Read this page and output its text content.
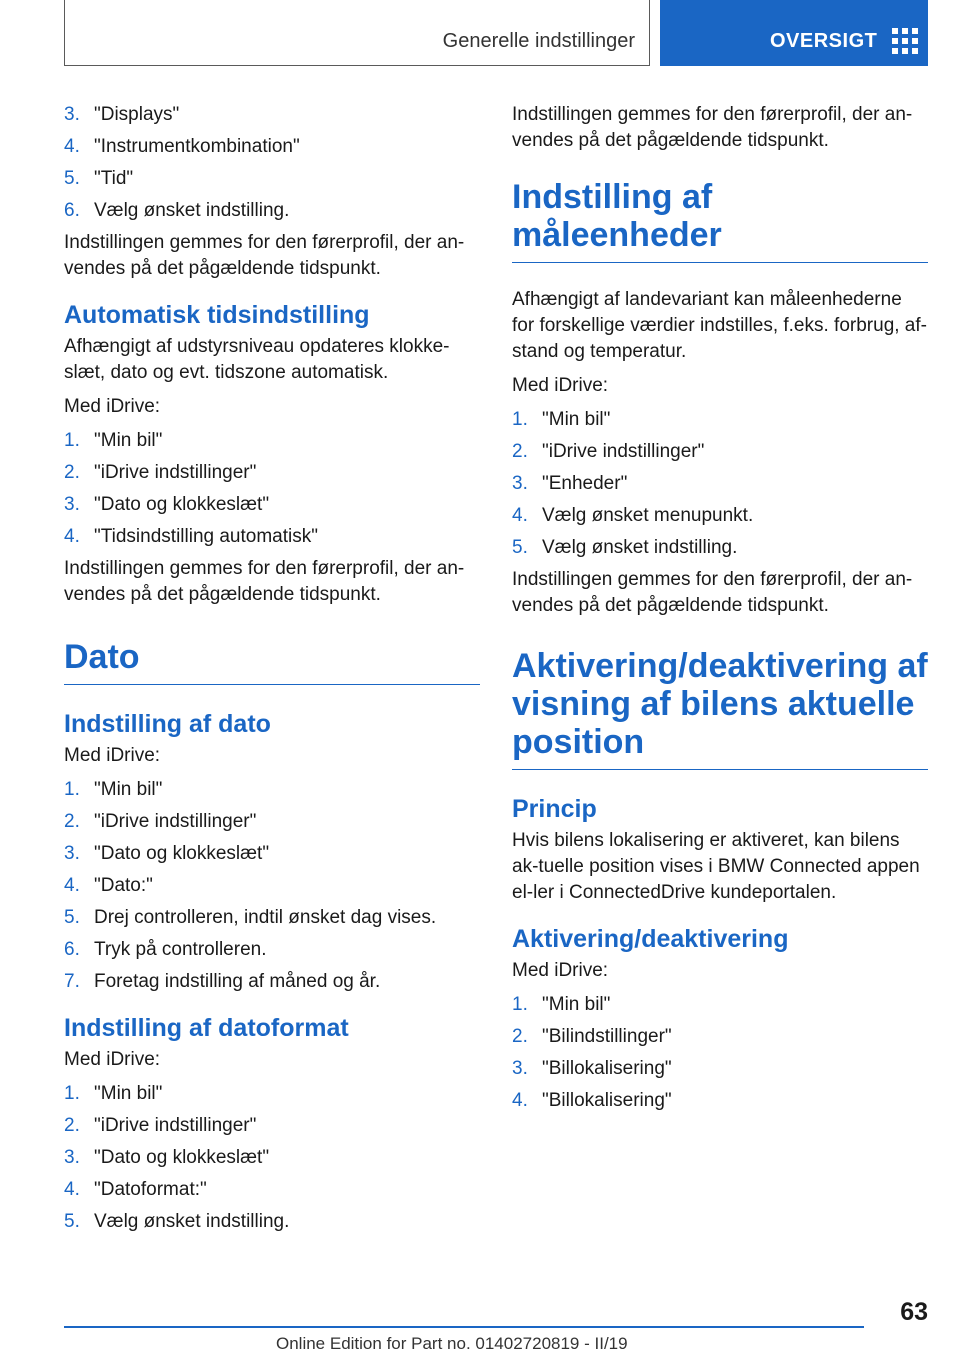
Generelle indstillinger	OVERSIGT
3. "Displays"
4. "Instrumentkombination"
5. "Tid"
6. Vælg ønsket indstilling.

Indstillingen gemmes for den førerprofil, der an-vendes på det pågældende tidspunkt.

Automatisk tidsindstilling

Afhængigt af udstyrsniveau opdateres klokke-slæt, dato og evt. tidszone automatisk.

Med iDrive:

1. "Min bil"
2. "iDrive indstillinger"
3. "Dato og klokkeslæt"
4. "Tidsindstilling automatisk"

Indstillingen gemmes for den førerprofil, der an-vendes på det pågældende tidspunkt.

Dato
Indstilling af dato

Med iDrive:

1. "Min bil"
2. "iDrive indstillinger"
3. "Dato og klokkeslæt"
4. "Dato:"
5. Drej controlleren, indtil ønsket dag vises.
6. Tryk på controlleren.
7. Foretag indstilling af måned og år.
Indstilling af datoformat

Med iDrive:

1. "Min bil"
2. "iDrive indstillinger"
3. "Dato og klokkeslæt"
4. "Datoformat:"
5. Vælg ønsket indstilling.

Indstillingen gemmes for den førerprofil, der an-vendes på det pågældende tidspunkt.

Indstilling af måleenheder

Afhængigt af landevariant kan måleenhederne for forskellige værdier indstilles, f.eks. forbrug, af-stand og temperatur.

Med iDrive:

1. "Min bil"
2. "iDrive indstillinger"
3. "Enheder"
4. Vælg ønsket menupunkt.
5. Vælg ønsket indstilling.

Indstillingen gemmes for den førerprofil, der an-vendes på det pågældende tidspunkt.

Aktivering/deaktivering af visning af bilens aktuelle position
Princip

Hvis bilens lokalisering er aktiveret, kan bilens ak-tuelle position vises i BMW Connected appen el-ler i ConnectedDrive kundeportalen.

Aktivering/deaktivering

Med iDrive:

1. "Min bil"
2. "Bilindstillinger"
3. "Billokalisering"
4. "Billokalisering"
63
Online Edition for Part no. 01402720819 - II/19
